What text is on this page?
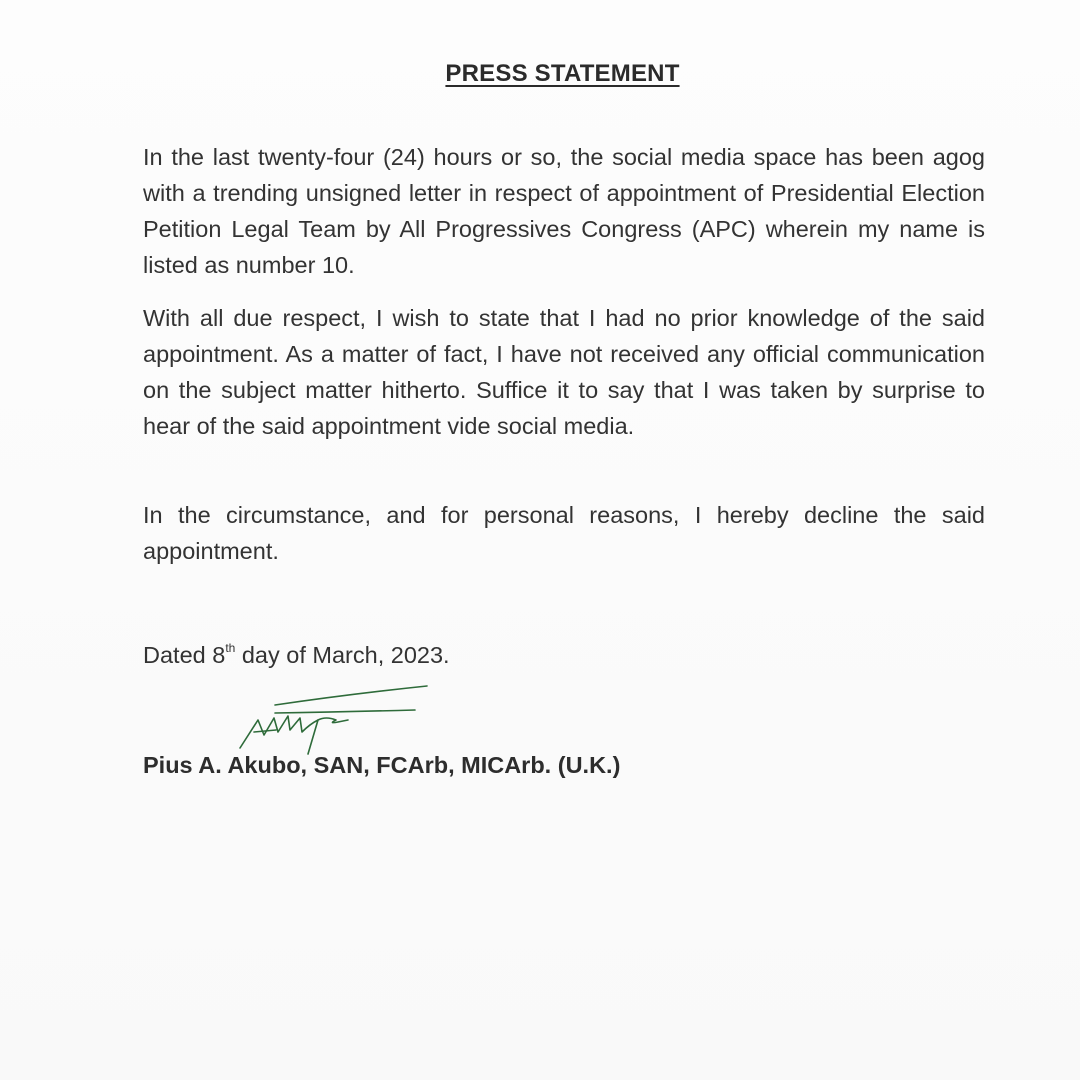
PRESS STATEMENT

In the last twenty-four (24) hours or so, the social media space has been agog with a trending unsigned letter in respect of appointment of Presidential Election Petition Legal Team by All Progressives Congress (APC) wherein my name is listed as number 10.

With all due respect, I wish to state that I had no prior knowledge of the said appointment. As a matter of fact, I have not received any official communication on the subject matter hitherto. Suffice it to say that I was taken by surprise to hear of the said appointment vide social media.

In the circumstance, and for personal reasons, I hereby decline the said appointment.

Dated 8th day of March, 2023.
Pius A. Akubo, SAN, FCArb, MICArb. (U.K.)
